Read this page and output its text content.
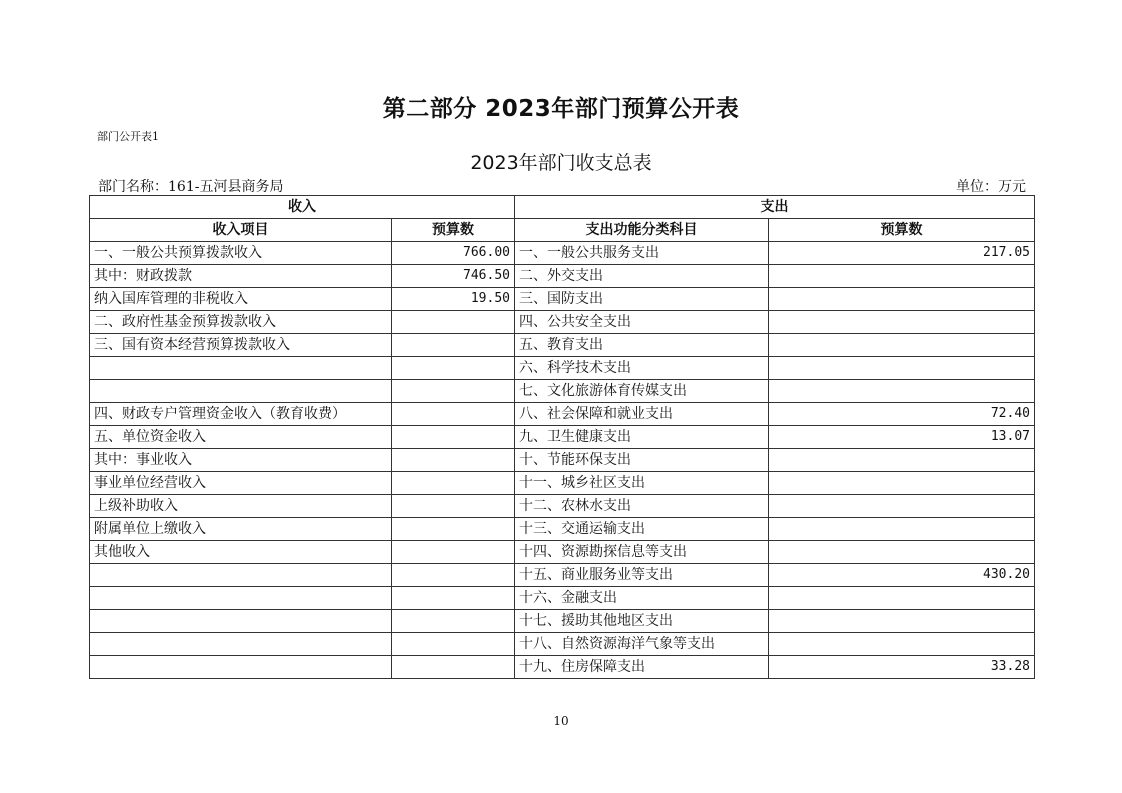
第二部分 2023年部门预算公开表
部门公开表1
2023年部门收支总表
部门名称：161-五河县商务局	单位：万元
收入		支出	
收入项目	预算数	支出功能分类科目	预算数
一、一般公共预算拨款收入	766.00	一、一般公共服务支出	217.05
其中：财政拨款	746.50	二、外交支出	
纳入国库管理的非税收入	19.50	三、国防支出	
二、政府性基金预算拨款收入		四、公共安全支出	
三、国有资本经营预算拨款收入		五、教育支出	
		六、科学技术支出	
		七、文化旅游体育传媒支出	
四、财政专户管理资金收入（教育收费）		八、社会保障和就业支出	72.40
五、单位资金收入		九、卫生健康支出	13.07
其中：事业收入		十、节能环保支出	
事业单位经营收入		十一、城乡社区支出	
上级补助收入		十二、农林水支出	
附属单位上缴收入		十三、交通运输支出	
其他收入		十四、资源勘探信息等支出	
		十五、商业服务业等支出	430.20
		十六、金融支出	
		十七、援助其他地区支出	
		十八、自然资源海洋气象等支出	
		十九、住房保障支出	33.28
10
